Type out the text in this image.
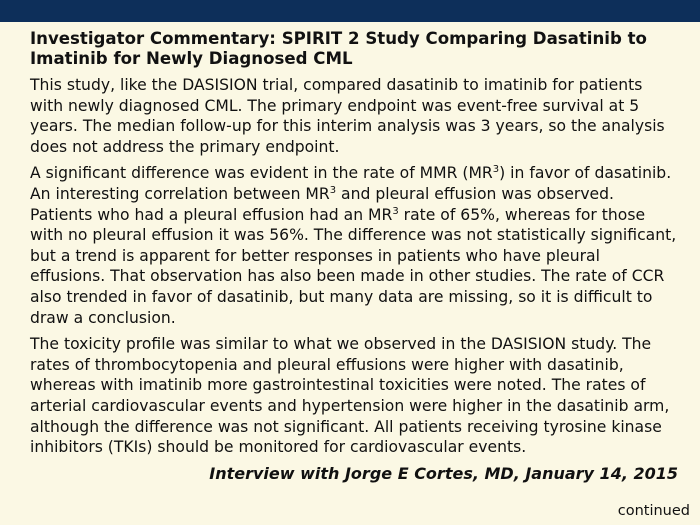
Investigator Commentary: SPIRIT 2 Study Comparing Dasatinib to
Imatinib for Newly Diagnosed CML

This study, like the DASISION trial, compared dasatinib to imatinib for patients with newly diagnosed CML. The primary endpoint was event-free survival at 5 years. The median follow-up for this interim analysis was 3 years, so the analysis does not address the primary endpoint.

A significant difference was evident in the rate of MMR $(MR^3)$ in favor of dasatinib. An interesting correlation between $MR^3$ and pleural effusion was observed. Patients who had a pleural effusion had an $MR^3$ rate of 65%, whereas for those with no pleural effusion it was 56%. The difference was not statistically significant, but a trend is apparent for better responses in patients who have pleural effusions. That observation has also been made in other studies. The rate of CCR also trended in favor of dasatinib, but many data are missing, so it is difficult to draw a conclusion.

The toxicity profile was similar to what we observed in the DASISION study. The rates of thrombocytopenia and pleural effusions were higher with dasatinib, whereas with imatinib more gastrointestinal toxicities were noted. The rates of arterial cardiovascular events and hypertension were higher in the dasatinib arm, although the difference was not significant. All patients receiving tyrosine kinase inhibitors (TKIs) should be monitored for cardiovascular events.

Interview with Jorge E Cortes, MD, January 14, 2015
continued
